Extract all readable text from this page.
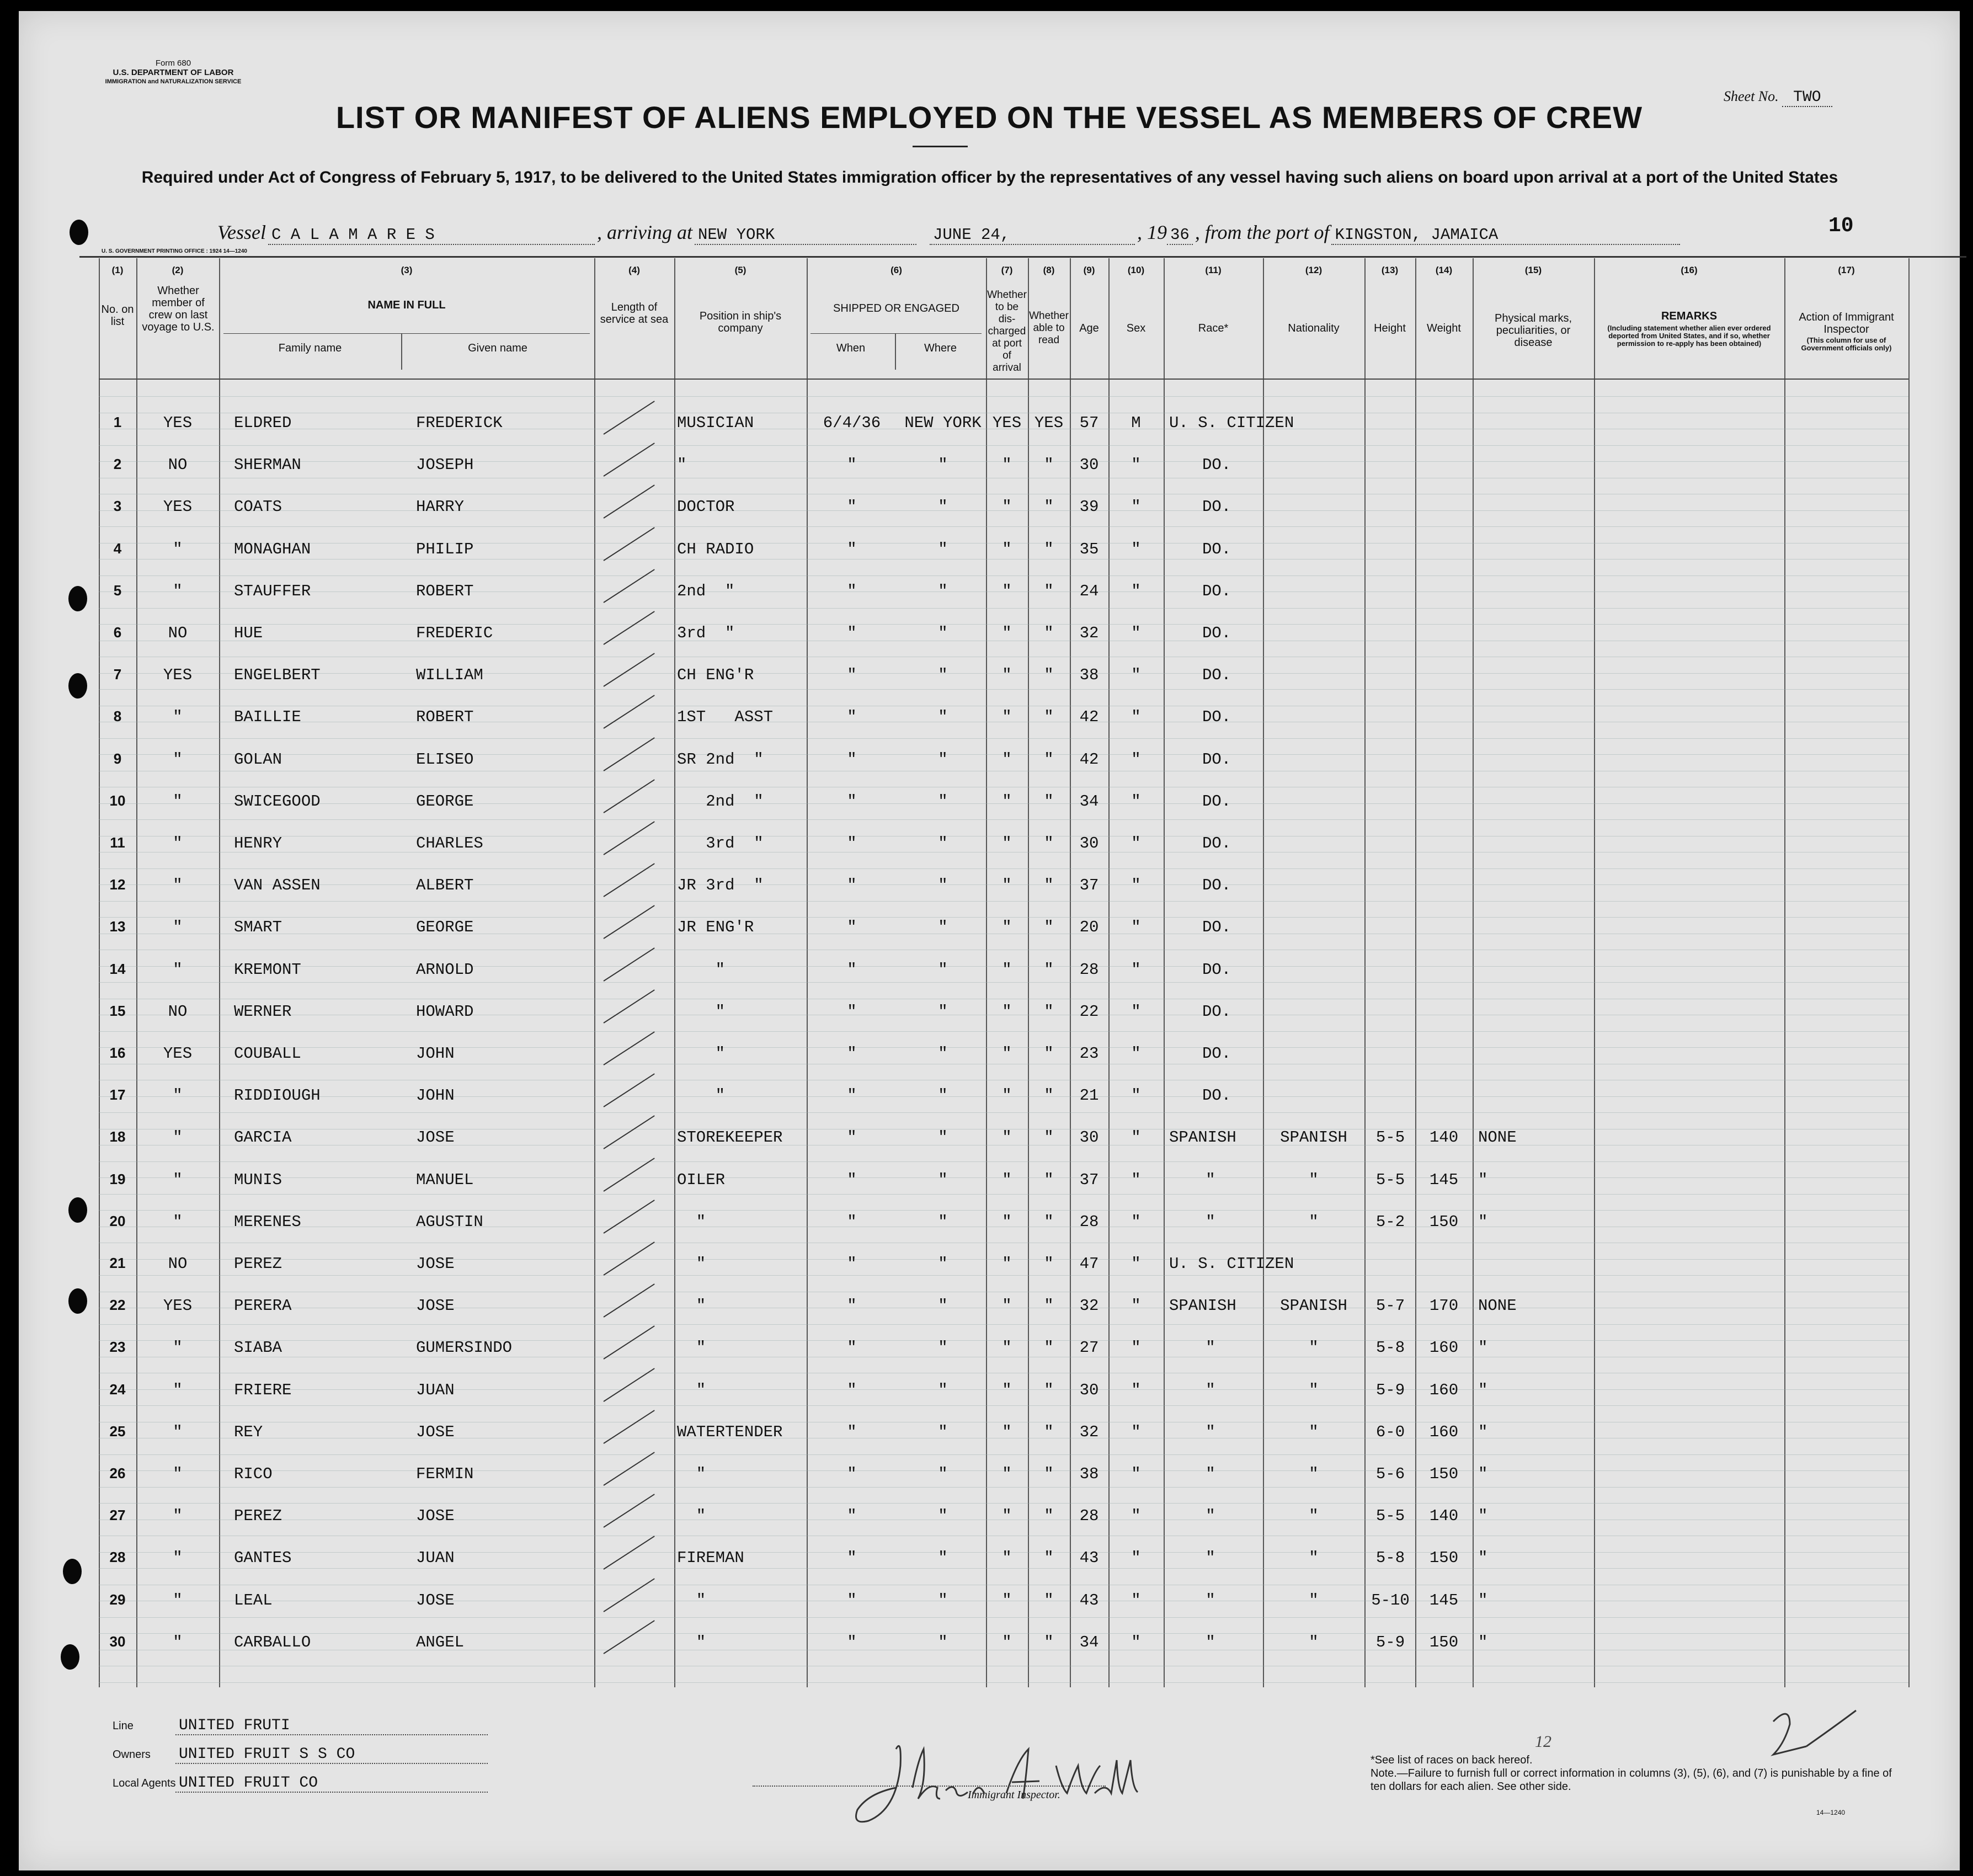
Form 680
U.S. DEPARTMENT OF LABOR
IMMIGRATION and NATURALIZATION SERVICE
Sheet No. TWO
LIST OR MANIFEST OF ALIENS EMPLOYED ON THE VESSEL AS MEMBERS OF CREW
Required under Act of Congress of February 5, 1917, to be delivered to the United States immigration officer by the representatives of any vessel having such aliens on board upon arrival at a port of the United States
10
Vessel C A L A M A R E S	, arriving at NEW YORK	JUNE 24,	, 19 36 , from the port of KINGSTON, JAMAICA
U. S. GOVERNMENT PRINTING OFFICE : 1924 14—1240
(1)	(2)	(3)	(4)	(5)	(6)	(7)	(8)	(9)	(10)	(11)	(12)	(13)	(14)	(15)	(16)	(17)
No. on list
Whether member of crew on last voyage to U.S.
NAME IN FULL
Family name	Given name
Length of service at sea	Position in ship's company
SHIPPED OR ENGAGED
When	Where
Whether to be dis-charged at port of arrival
Whether able to read
Age	Sex	Race*	Nationality	Height	Weight
Physical marks, peculiarities, or disease
REMARKS
(Including statement whether alien ever ordered deported from United States, and if so, whether permission to re-apply has been obtained)
Action of Immigrant Inspector
(This column for use of Government officials only)
1	YES	ELDRED	FREDERICK	MUSICIAN	6/4/36	NEW YORK YES YES	57	M	U. S. CITIZEN
2	NO	SHERMAN	JOSEPH	"	"	"	"	"	30	"	DO.
3	YES	COATS	HARRY	DOCTOR	"	"	"	"	39	"	DO.
4	"	MONAGHAN	PHILIP	CH RADIO	"	"	"	"	35	"	DO.
5	"	STAUFFER	ROBERT	2nd  "	"	"	"	"	24	"	DO.
6	NO	HUE	FREDERIC	3rd  "	"	"	"	"	32	"	DO.
7	YES	ENGELBERT	WILLIAM	CH ENG'R	"	"	"	"	38	"	DO.
8	"	BAILLIE	ROBERT	1ST   ASST	"	"	"	"	42	"	DO.
9	"	GOLAN	ELISEO	SR 2nd  "	"	"	"	"	42	"	DO.
10	"	SWICEGOOD	GEORGE	2nd  "	"	"	"	"	34	"	DO.
11	"	HENRY	CHARLES	3rd  "	"	"	"	"	30	"	DO.
12	"	VAN ASSEN	ALBERT	JR 3rd  "	"	"	"	"	37	"	DO.
13	"	SMART	GEORGE	JR ENG'R	"	"	"	"	20	"	DO.
14	"	KREMONT	ARNOLD	"	"	"	"	"	28	"	DO.
15	NO	WERNER	HOWARD	"	"	"	"	"	22	"	DO.
16	YES	COUBALL	JOHN	"	"	"	"	"	23	"	DO.
17	"	RIDDIOUGH	JOHN	"	"	"	"	"	21	"	DO.
18	"	GARCIA	JOSE	STOREKEEPER	"	"	"	"	30	"	SPANISH	SPANISH	5-5	140	NONE
19	"	MUNIS	MANUEL	OILER	"	"	"	"	37	"	"	"	5-5	145	"
20	"	MERENES	AGUSTIN	"	"	"	"	"	28	"	"	"	5-2	150	"
21	NO	PEREZ	JOSE	"	"	"	"	"	47	"	U. S. CITIZEN
22	YES	PERERA	JOSE	"	"	"	"	"	32	"	SPANISH	SPANISH	5-7	170	NONE
23	"	SIABA	GUMERSINDO	"	"	"	"	"	27	"	"	"	5-8	160	"
24	"	FRIERE	JUAN	"	"	"	"	"	30	"	"	"	5-9	160	"
25	"	REY	JOSE	WATERTENDER	"	"	"	"	32	"	"	"	6-0	160	"
26	"	RICO	FERMIN	"	"	"	"	"	38	"	"	"	5-6	150	"
27	"	PEREZ	JOSE	"	"	"	"	"	28	"	"	"	5-5	140	"
28	"	GANTES	JUAN	FIREMAN	"	"	"	"	43	"	"	"	5-8	150	"
29	"	LEAL	JOSE	"	"	"	"	"	43	"	"	"	5-10	145	"
30	"	CARBALLO	ANGEL	"	"	"	"	"	34	"	"	"	5-9	150	"
Line	UNITED FRUTI
Owners UNITED FRUIT S S CO
Local Agents UNITED FRUIT CO
Immigrant Inspector.
12
*See list of races on back hereof.
Note.—Failure to furnish full or correct information in columns (3), (5), (6), and (7) is punishable by a fine of ten dollars for each alien. See other side.
14—1240
